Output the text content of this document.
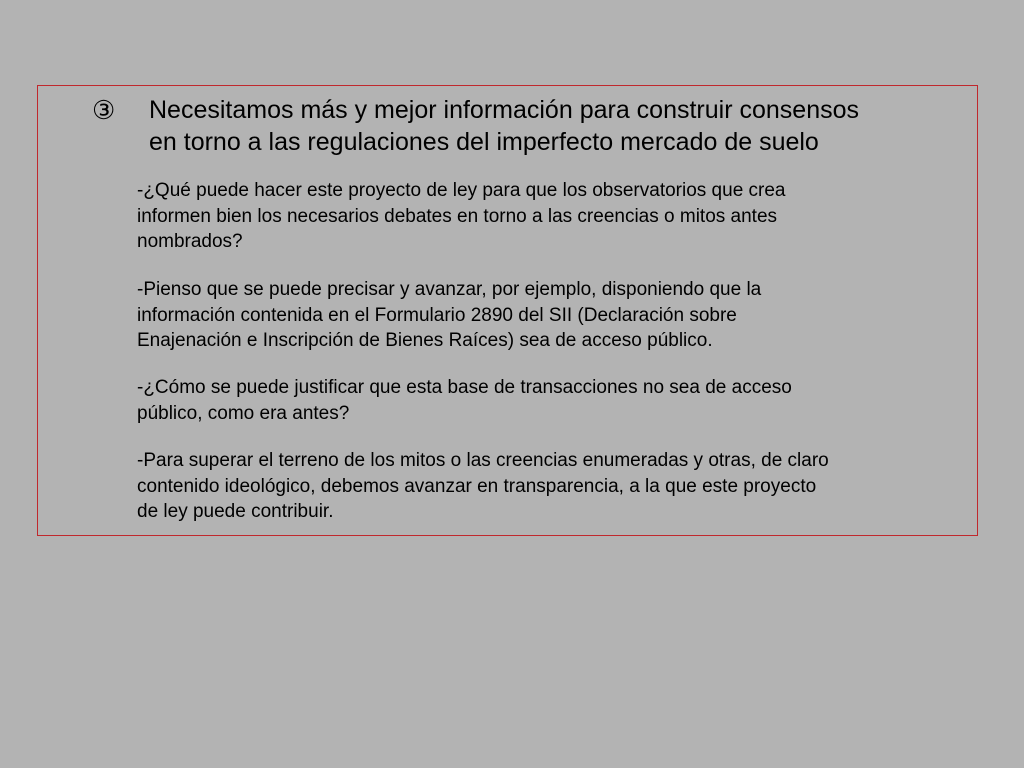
③ Necesitamos más y mejor información para construir consensos
en torno a las regulaciones del imperfecto mercado de suelo

-¿Qué puede hacer este proyecto de ley para que los observatorios que crea
informen bien los necesarios debates en torno a las creencias o mitos antes
nombrados?

-Pienso que se puede precisar y avanzar, por ejemplo, disponiendo que la
información contenida en el Formulario 2890 del SII (Declaración sobre
Enajenación e Inscripción de Bienes Raíces) sea de acceso público.

-¿Cómo se puede justificar que esta base de transacciones no sea de acceso
público, como era antes?

-Para superar el terreno de los mitos o las creencias enumeradas y otras, de claro
contenido ideológico, debemos avanzar en transparencia, a la que este proyecto
de ley puede contribuir.
